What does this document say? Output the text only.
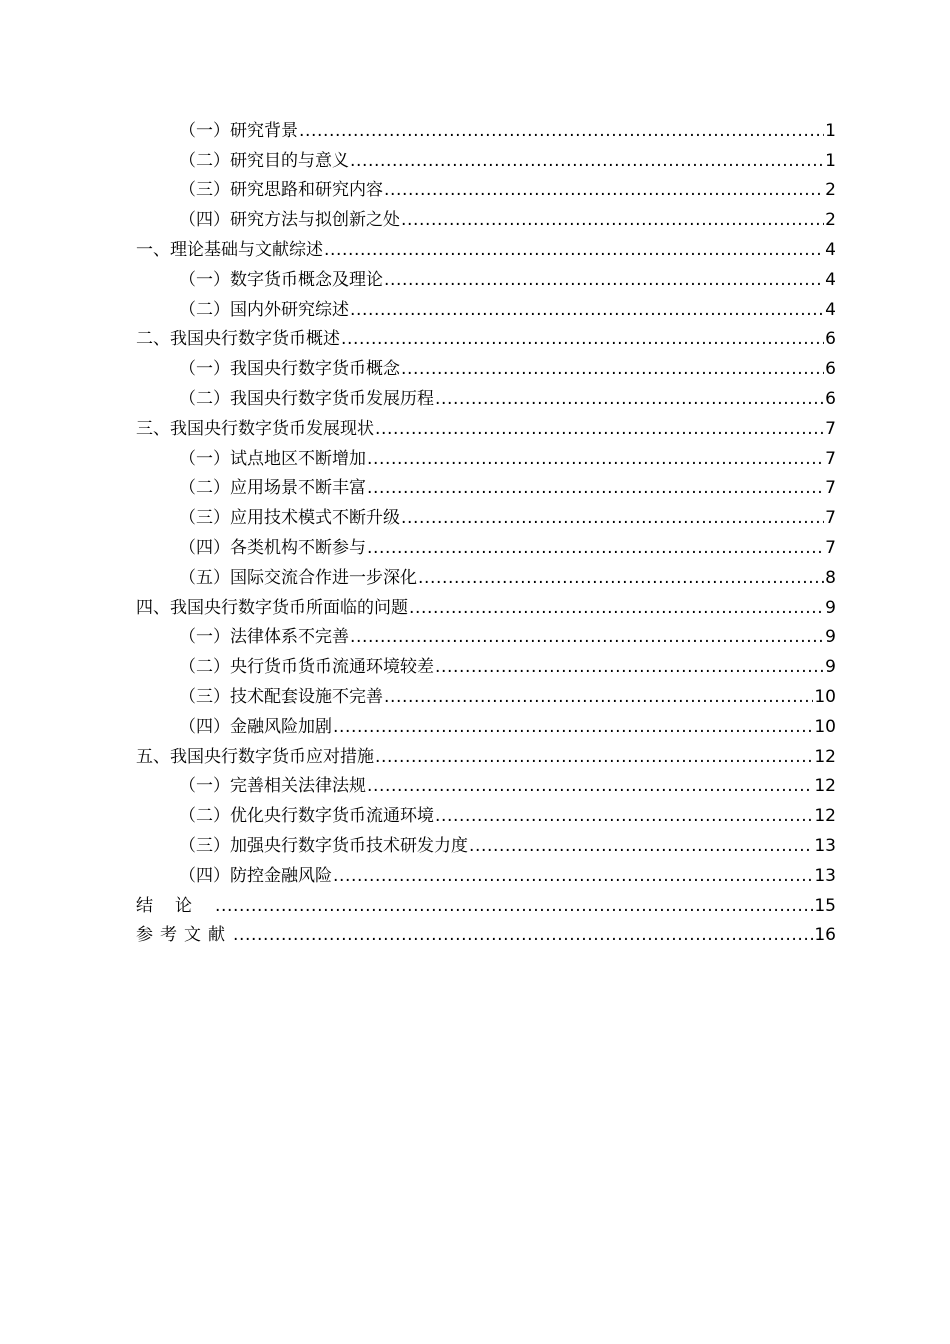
（一）研究背景 .....	1
（二）研究目的与意义 .....	1
（三）研究思路和研究内容 .....	2
（四）研究方法与拟创新之处 .....	2
一、理论基础与文献综述 .....	4
（一）数字货币概念及理论 .....	4
（二）国内外研究综述 .....	4
二、我国央行数字货币概述 .....	6
（一）我国央行数字货币概念 .....	6
（二）我国央行数字货币发展历程 .....	6
三、我国央行数字货币发展现状 .....	7
（一）试点地区不断增加 .....	7
（二）应用场景不断丰富 .....	7
（三）应用技术模式不断升级 .....	7
（四）各类机构不断参与 .....	7
（五）国际交流合作进一步深化 .....	8
四、我国央行数字货币所面临的问题 .....	9
（一）法律体系不完善 .....	9
（二）央行货币货币流通环境较差 .....	9
（三）技术配套设施不完善 .....	10
（四）金融风险加剧 .....	10
五、我国央行数字货币应对措施 .....	12
（一）完善相关法律法规 .....	12
（二）优化央行数字货币流通环境 .....	12
（三）加强央行数字货币技术研发力度 .....	13
（四）防控金融风险 .....	13
结论 .....	15
参考文献 .....	16
